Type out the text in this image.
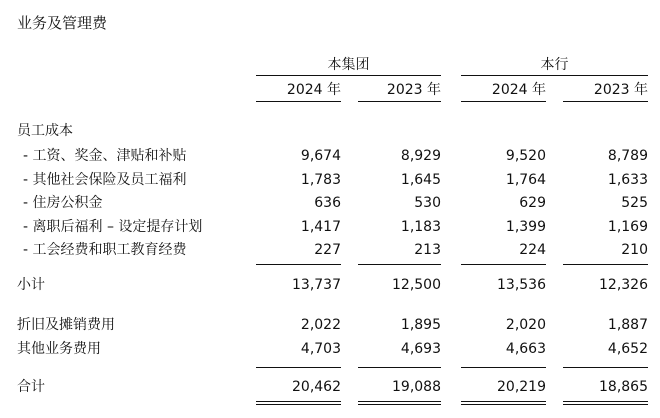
业务及管理费
本集团	本行
2024 年	2023 年	2024 年	2023 年
员工成本
- 工资、奖金、津贴和补贴	9,674	8,929	9,520	8,789
- 其他社会保险及员工福利	1,783	1,645	1,764	1,633
- 住房公积金	636	530	629	525
- 离职后福利 – 设定提存计划	1,417	1,183	1,399	1,169
- 工会经费和职工教育经费	227	213	224	210
小计	13,737	12,500	13,536	12,326
折旧及摊销费用	2,022	1,895	2,020	1,887
其他业务费用	4,703	4,693	4,663	4,652
合计	20,462	19,088	20,219	18,865
